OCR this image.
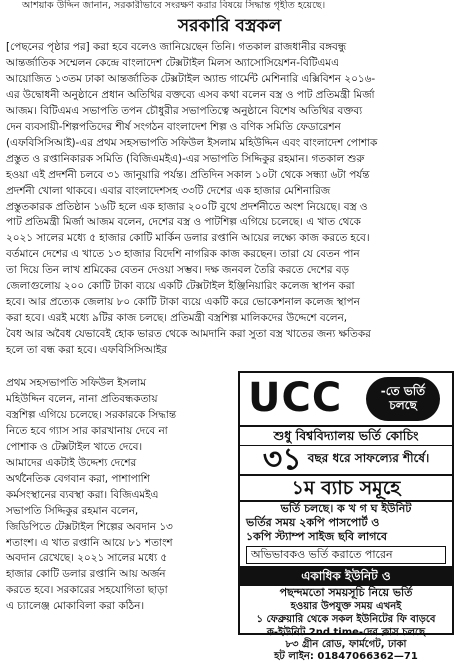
আশয়াক উদ্দিন জানান, সরকারীভাবে সংরক্ষণ করার বিষয়ে সিদ্ধান্ত গৃহীত হয়েছে।
সরকারি বস্ত্রকল
[পেছনের পৃষ্ঠার পর] করা হবে বলেও জানিয়েছেন তিনি। গতকাল রাজধানীর বঙ্গবন্ধু
আন্তর্জাতিক সম্মেলন কেন্দ্রে বাংলাদেশ টেক্সটাইল মিলস অ্যাসোসিয়েশন-বিটিএমএ
আয়োজিত ১৩তম ঢাকা আন্তর্জাতিক টেক্সটাইল অ্যান্ড গার্মেন্ট মেশিনারি এক্সিবিশন ২০১৬-
এর উদ্বোধনী অনুষ্ঠানে প্রধান অতিথির বক্তব্যে এসব কথা বলেন বস্ত্র ও পাট প্রতিমন্ত্রী মির্জা
আজম। বিটিএমএ সভাপতি তপন চৌধুরীর সভাপতিত্বে অনুষ্ঠানে বিশেষ অতিথির বক্তব্য
দেন ব্যবসায়ী-শিল্পপতিদের শীর্ষ সংগঠন বাংলাদেশ শিল্প ও বণিক সমিতি ফেডারেশন
(এফবিসিসিআই)-এর প্রথম সহসভাপতি সফিউল ইসলাম মহিউদ্দিন এবং বাংলাদেশ পোশাক
প্রস্তুত ও রপ্তানিকারক সমিতি (বিজিএমইএ)-এর সভাপতি সিদ্দিকুর রহমান। গতকাল শুরু
হওয়া এই প্রদর্শনী চলবে ৩১ জানুয়ারি পর্যন্ত। প্রতিদিন সকাল ১০টা থেকে সন্ধ্যা ৬টা পর্যন্ত
প্রদর্শনী খোলা থাকবে। এবার বাংলাদেশসহ ৩৩টি দেশের এক হাজার মেশিনারিজ
প্রস্তুতকারক প্রতিষ্ঠান ১৬টি হলে এক হাজার ২০০টি বুথে প্রদর্শনীতে অংশ নিয়েছে। বস্ত্র ও
পাট প্রতিমন্ত্রী মির্জা আজম বলেন, দেশের বস্ত্র ও পাটশিল্প এগিয়ে চলেছে। এ খাত থেকে
২০২১ সালের মধ্যে ৫ হাজার কোটি মার্কিন ডলার রপ্তানি আয়ের লক্ষ্যে কাজ করতে হবে।
বর্তমানে দেশের এ খাতে ১৩ হাজার বিদেশি নাগরিক কাজ করছেন। তারা যে বেতন পান
তা দিয়ে তিন লাখ শ্রমিকের বেতন দেওয়া সম্ভব। দক্ষ জনবল তৈরি করতে দেশের বড়
জেলাগুলোয় ২০০ কোটি টাকা ব্যয়ে একটি টেক্সটাইল ইঞ্জিনিয়ারিং কলেজ স্থাপন করা
হবে। আর প্রত্যেক জেলায় ৮০ কোটি টাকা ব্যয়ে একটি করে ভোকেশনাল কলেজ স্থাপন
করা হবে। এরই মধ্যে ৯টির কাজ চলছে। প্রতিমন্ত্রী বস্ত্রশিল্প মালিকদের উদ্দেশে বলেন,
বৈধ আর অবৈধ যেভাবেই হোক ভারত থেকে আমদানি করা সুতা বস্ত্র খাতের জন্য ক্ষতিকর
হলে তা বন্ধ করা হবে। এফবিসিসিআইর
প্রথম সহসভাপতি সফিউল ইসলাম
মহিউদ্দিন বলেন, নানা প্রতিবন্ধকতায়
বস্ত্রশিল্প এগিয়ে চলেছে। সরকারকে সিদ্ধান্ত
নিতে হবে গ্যাস সার কারখানায় দেবে না
পোশাক ও টেক্সটাইল খাতে দেবে।
আমাদের একটাই উদ্দেশ্য দেশের
অর্থনৈতিক বেগবান করা, পাশাপাশি
কর্মসংস্থানের ব্যবস্থা করা। বিজিএমইএ
সভাপতি সিদ্দিকুর রহমান বলেন,
জিডিপিতে টেক্সটাইল শিল্পের অবদান ১৩
শতাংশ। এ খাত রপ্তানি আয়ে ৮১ শতাংশ
অবদান রেখেছে। ২০২১ সালের মধ্যে ৫
হাজার কোটি ডলার রপ্তানি আয় অর্জন
করতে হবে। সরকারের সহযোগিতা ছাড়া
এ চ্যালেঞ্জ মোকাবিলা করা কঠিন।
UCC	-তে ভর্তি চলছে
শুধু বিশ্ববিদ্যালয় ভর্তি কোচিং
৩১ বছর ধরে সাফল্যের শীর্ষে।
১ম ব্যাচ সমূহে
ভর্তি চলছে। ক খ গ ঘ ইউনিট
ভর্তির সময় ২কপি পাসপোর্ট ও
১কপি স্ট্যাম্প সাইজ ছবি লাগবে
অভিভাবকও ভর্তি করাতে পারেন
একাধিক ইউনিট ও
পছন্দমতো সময়সূচি নিয়ে ভর্তি
হওয়ার উপযুক্ত সময় এখনই
১ ফেব্রুয়ারি থেকে সকল ইউনিটের ফি বাড়বে
ক-ইউনিট 2nd time-দের ক্লাস চলছে
৮৩ গ্রীন রোড, ফার্মগেট, ঢাকা
হট লাইন: 01847066362—71
